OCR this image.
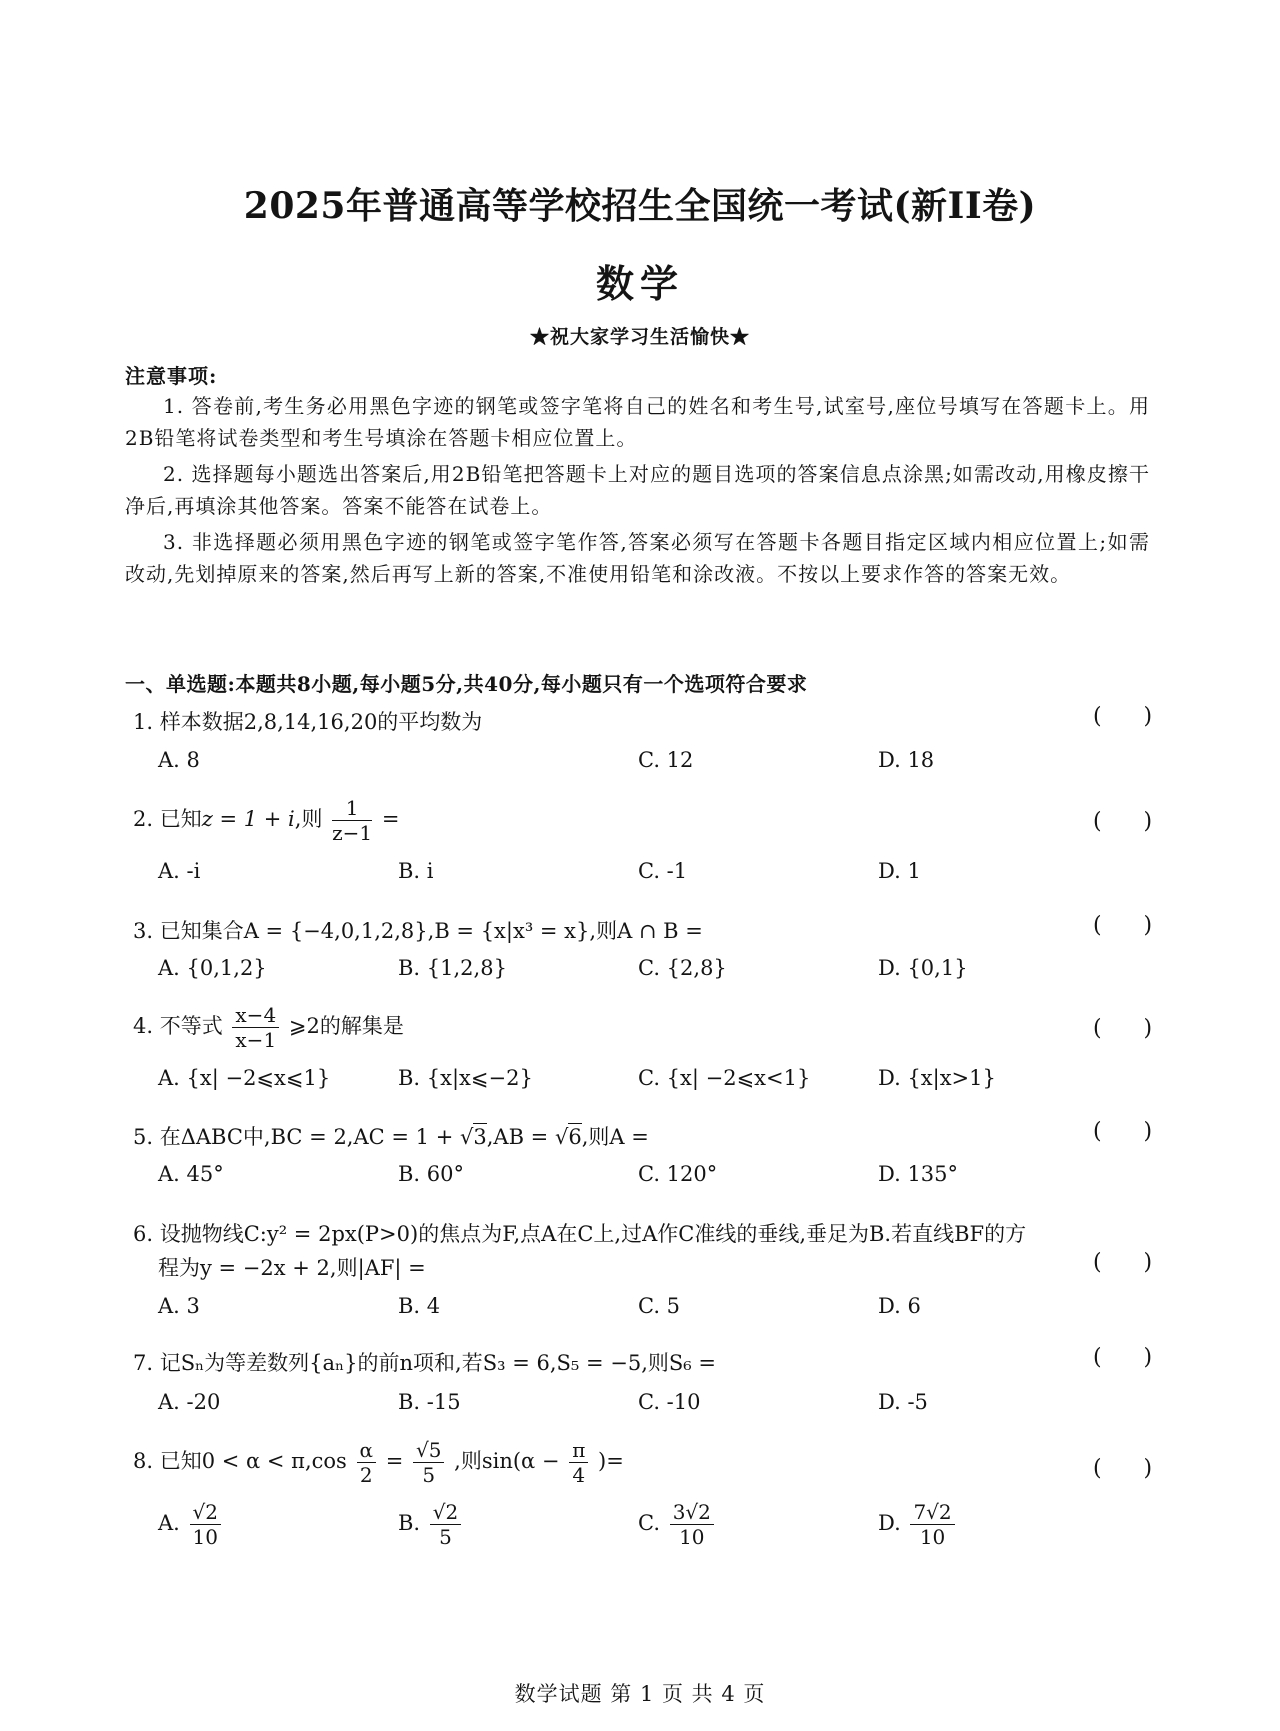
2025年普通高等学校招生全国统一考试(新II卷)
数学
★祝大家学习生活愉快★
注意事项:
1. 答卷前,考生务必用黑色字迹的钢笔或签字笔将自己的姓名和考生号,试室号,座位号填写在答题卡上。用2B铅笔将试卷类型和考生号填涂在答题卡相应位置上。
2. 选择题每小题选出答案后,用2B铅笔把答题卡上对应的题目选项的答案信息点涂黑;如需改动,用橡皮擦干净后,再填涂其他答案。答案不能答在试卷上。
3. 非选择题必须用黑色字迹的钢笔或签字笔作答,答案必须写在答题卡各题目指定区域内相应位置上;如需改动,先划掉原来的答案,然后再写上新的答案,不准使用铅笔和涂改液。不按以上要求作答的答案无效。
一、单选题:本题共8小题,每小题5分,共40分,每小题只有一个选项符合要求
1. 样本数据2,8,14,16,20的平均数为	(      )
A. 8	C. 12	D. 18
2. 已知z = 1 + i,则 $\frac{1}{z-1}$ =	(      )
A. -i	B. i	C. -1	D. 1
3. 已知集合A = {−4,0,1,2,8},B = {x|x³ = x},则A ∩ B =	(      )
A. {0,1,2}	B. {1,2,8}	C. {2,8}	D. {0,1}
4. 不等式 $\frac{x-4}{x-1}$ ⩾2的解集是	(      )
A. {x| −2⩽x⩽1}	B. {x|x⩽−2}	C. {x| −2⩽x<1}	D. {x|x>1}
5. 在ΔABC中,BC = 2,AC = 1 + √3,AB = √6,则A =	(      )
A. 45°	B. 60°	C. 120°	D. 135°
6. 设抛物线C:y² = 2px(P>0)的焦点为F,点A在C上,过A作C准线的垂线,垂足为B.若直线BF的方
程为y = −2x + 2,则|AF| =	(      )
A. 3	B. 4	C. 5	D. 6
7. 记Sₙ为等差数列{aₙ}的前n项和,若S₃ = 6,S₅ = −5,则S₆ =	(      )
A. -20	B. -15	C. -10	D. -5
8. 已知$0 < \alpha < \pi,\cos \frac{\alpha}{2} = \frac{√5}{5}$ ,则$\sin(\alpha - \frac{\pi}{4}$ )=	(      )
A. $\frac{√2}{10}$	B. $\frac{√2}{5}$	C. $\frac{3√2}{10}$	D. $\frac{7√2}{10}$
数学试题 第 1 页 共 4 页
